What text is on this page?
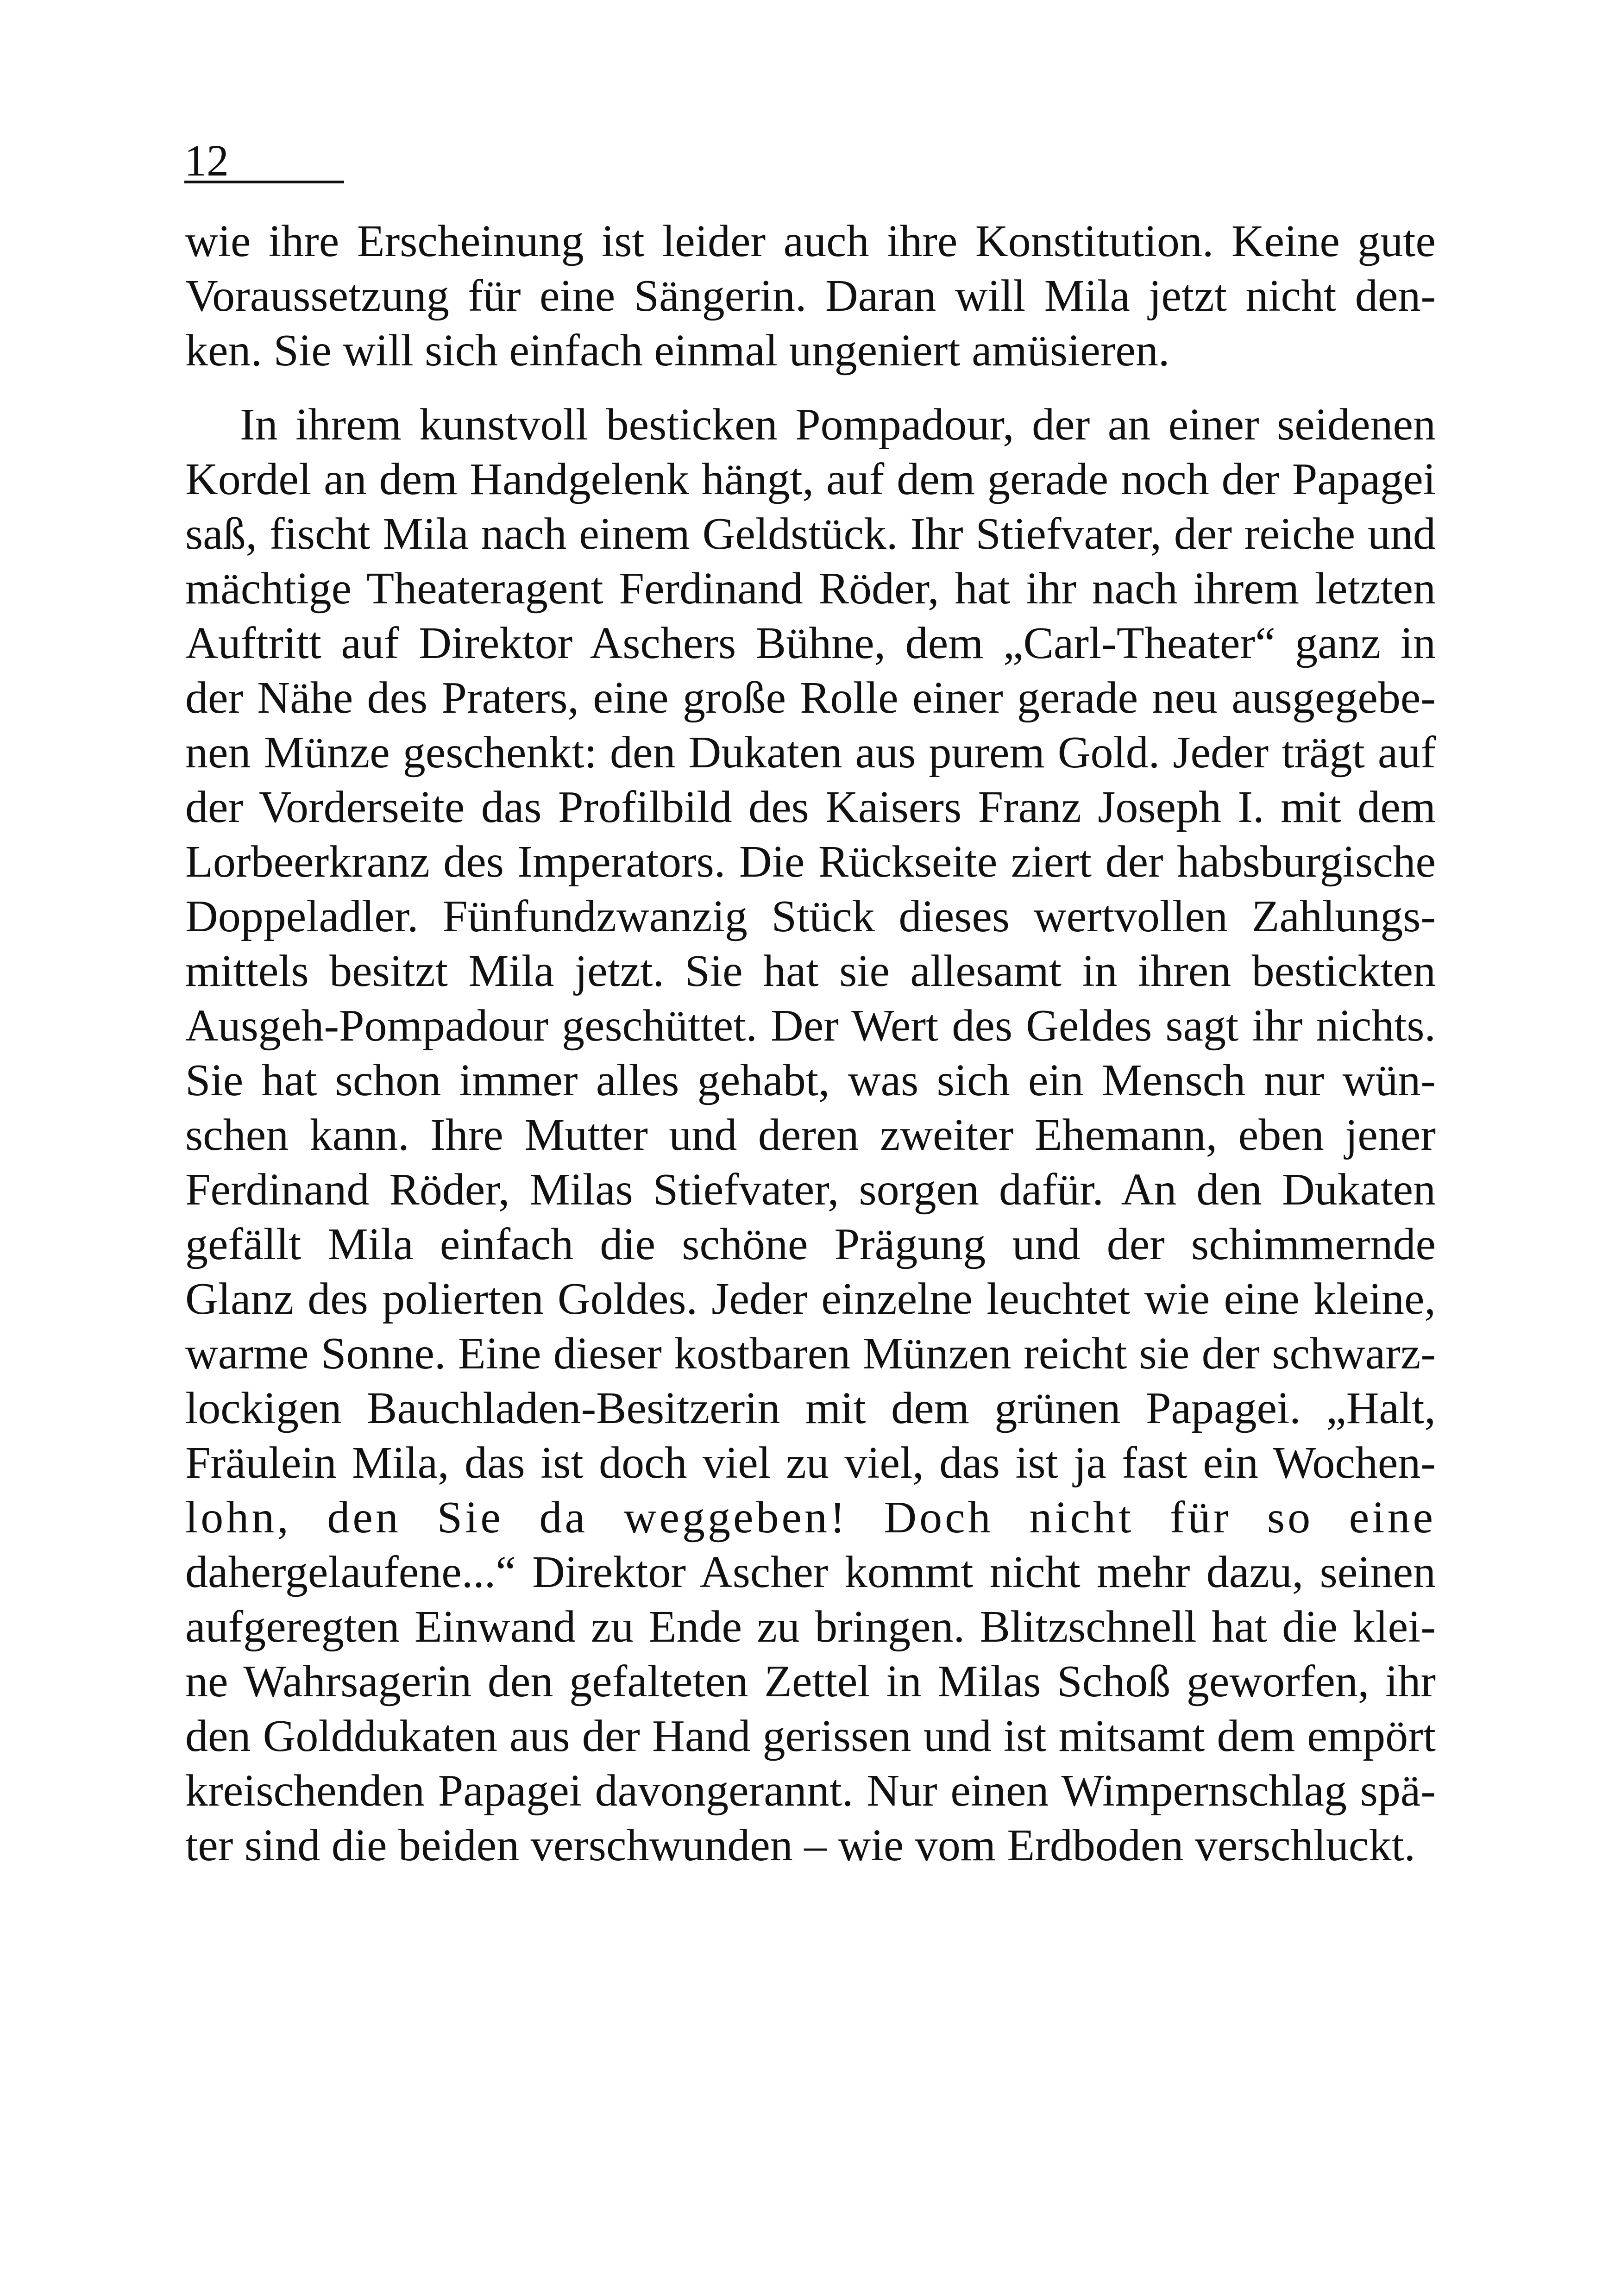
12
wie ihre Erscheinung ist leider auch ihre Konstitution. Keine gute
Voraussetzung für eine Sängerin. Daran will Mila jetzt nicht den-
ken. Sie will sich einfach einmal ungeniert amüsieren.
In ihrem kunstvoll besticken Pompadour, der an einer seidenen
Kordel an dem Handgelenk hängt, auf dem gerade noch der Papagei
saß, fischt Mila nach einem Geldstück. Ihr Stiefvater, der reiche und
mächtige Theateragent Ferdinand Röder, hat ihr nach ihrem letzten
Auftritt auf Direktor Aschers Bühne, dem „Carl-Theater“ ganz in
der Nähe des Praters, eine große Rolle einer gerade neu ausgegebe-
nen Münze geschenkt: den Dukaten aus purem Gold. Jeder trägt auf
der Vorderseite das Profilbild des Kaisers Franz Joseph I. mit dem
Lorbeerkranz des Imperators. Die Rückseite ziert der habsburgische
Doppeladler. Fünfundzwanzig Stück dieses wertvollen Zahlungs-
mittels besitzt Mila jetzt. Sie hat sie allesamt in ihren bestickten
Ausgeh-Pompadour geschüttet. Der Wert des Geldes sagt ihr nichts.
Sie hat schon immer alles gehabt, was sich ein Mensch nur wün-
schen kann. Ihre Mutter und deren zweiter Ehemann, eben jener
Ferdinand Röder, Milas Stiefvater, sorgen dafür. An den Dukaten
gefällt Mila einfach die schöne Prägung und der schimmernde
Glanz des polierten Goldes. Jeder einzelne leuchtet wie eine kleine,
warme Sonne. Eine dieser kostbaren Münzen reicht sie der schwarz-
lockigen Bauchladen-Besitzerin mit dem grünen Papagei. „Halt,
Fräulein Mila, das ist doch viel zu viel, das ist ja fast ein Wochen-
lohn, den Sie da weggeben! Doch nicht für so eine
dahergelaufene...“ Direktor Ascher kommt nicht mehr dazu, seinen
aufgeregten Einwand zu Ende zu bringen. Blitzschnell hat die klei-
ne Wahrsagerin den gefalteten Zettel in Milas Schoß geworfen, ihr
den Golddukaten aus der Hand gerissen und ist mitsamt dem empört
kreischenden Papagei davongerannt. Nur einen Wimpernschlag spä-
ter sind die beiden verschwunden – wie vom Erdboden verschluckt.
